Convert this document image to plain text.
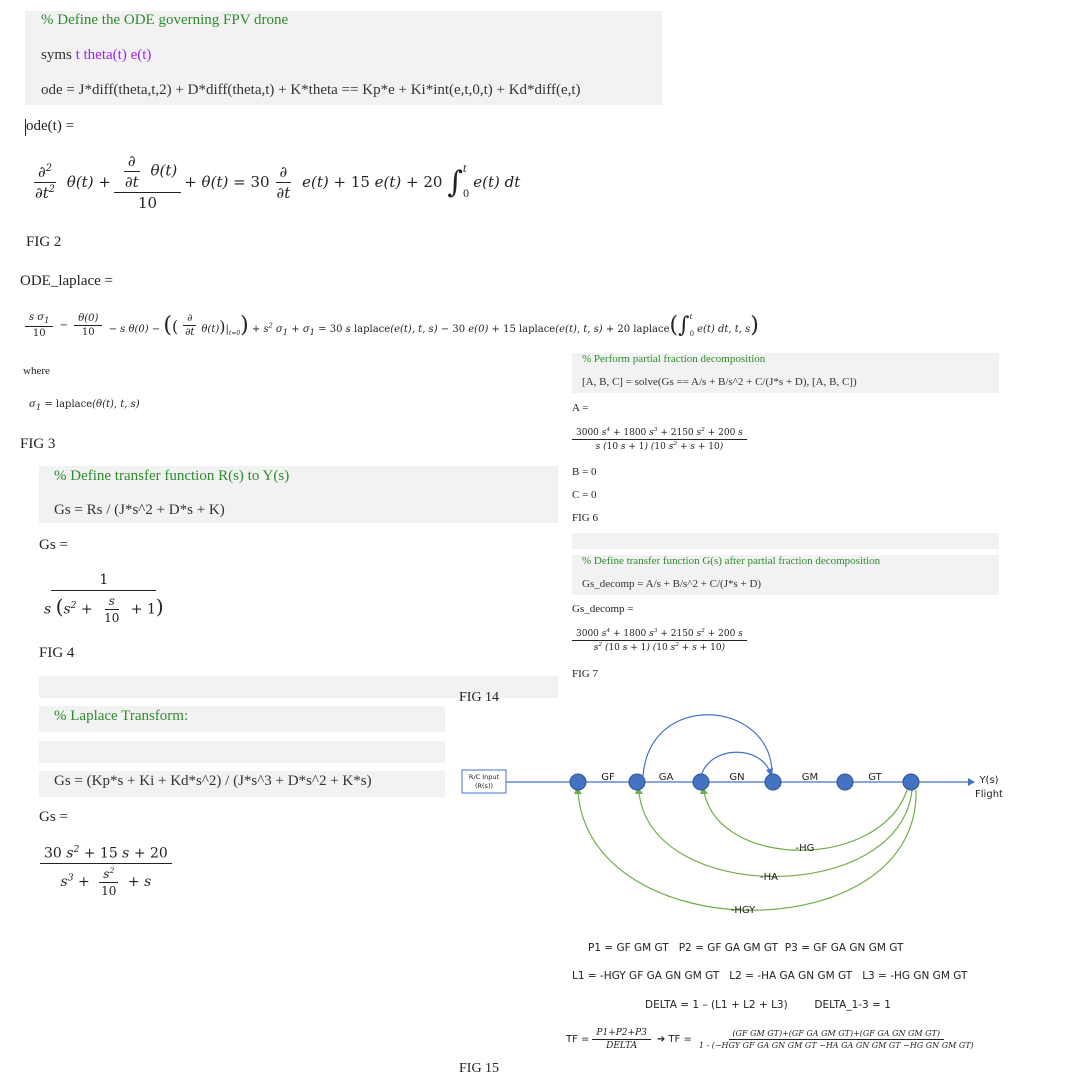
% Define the ODE governing FPV drone
syms t theta(t) e(t)
ode = J*diff(theta,t,2) + D*diff(theta,t) + K*theta == Kp*e + Ki*int(e,t,0,t) + Kd*diff(e,t)
ode(t) =
$\frac{\partial^2}{\partial t^2} \theta(t) + \frac{\frac{\partial}{\partial t} \theta(t)}{10} + \theta(t) = 30 \frac{\partial}{\partial t} e(t) + 15$ e(t) + 20 ∫ t
0
e(t) dt
FIG 2
ODE_laplace =
$\frac{s \sigma_1}{10} - \frac{\theta(0)}{10} - s$ θ(0) − (( $\frac{\partial}{\partial t} \theta(t))|_{t=0}) + s^2$ $\sigma_1 + \sigma_1 = 30$ s laplace(e(t), t, s) − 30 e(0) + 15 laplace(e(t), t, s) + 20 laplace( ∫ t
0 e(t) dt, t, s)
where
$\sigma_1$ = laplace(θ(t), t, s)
FIG 3
% Define transfer function R(s) to Y(s)
Gs = Rs / (J*s^2 + D*s + K)
Gs =
$\frac{1}{s (s^2 + \frac{s}{10} + 1)}$
FIG 4
% Laplace Transform:
Gs = (Kp*s + Ki + Kd*s^2) / (J*s^3 + D*s^2 + K*s)
Gs =
$\frac{30 s^2 + 15 s + 20}{s^3 + \frac{s^2}{10} + s}$
% Perform partial fraction decomposition
[A, B, C] = solve(Gs == A/s + B/s^2 + C/(J*s + D), [A, B, C])
A =
$\frac{3000 s^4 + 1800 s^3 + 2150 s^2 + 200 s}{s (10 s + 1) (10 s^2 + s + 10)}$
B = 0
C = 0
FIG 6
% Define transfer function G(s) after partial fraction decomposition
Gs_decomp = A/s + B/s^2 + C/(J*s + D)
Gs_decomp =
$\frac{3000 s^4 + 1800 s^3 + 2150 s^2 + 200 s}{s^2 (10 s + 1) (10 s^2 + s + 10)}$
FIG 7
FIG 14
R/C Input
(R(s))	Y(s)
Flight
GF	GA	GN	GM	GT
-HG
-HA
-HGY
P1 = GF GM GT   P2 = GF GA GM GT  P3 = GF GA GN GM GT
L1 = -HGY GF GA GN GM GT   L2 = -HA GA GN GM GT   L3 = -HG GN GM GT
DELTA = 1 – (L1 + L2 + L3)        DELTA_1-3 = 1
TF = $\frac{P1+P2+P3}{\text{DELTA}}$ ➔ TF = $\frac{\text{(GF GM GT)+(GF GA GM GT)+(GF GA GN GM GT)}}{\text{1 - (−HGY GF GA GN GM GT −HA GA GN GM GT −HG GN GM GT)}}$
FIG 15
